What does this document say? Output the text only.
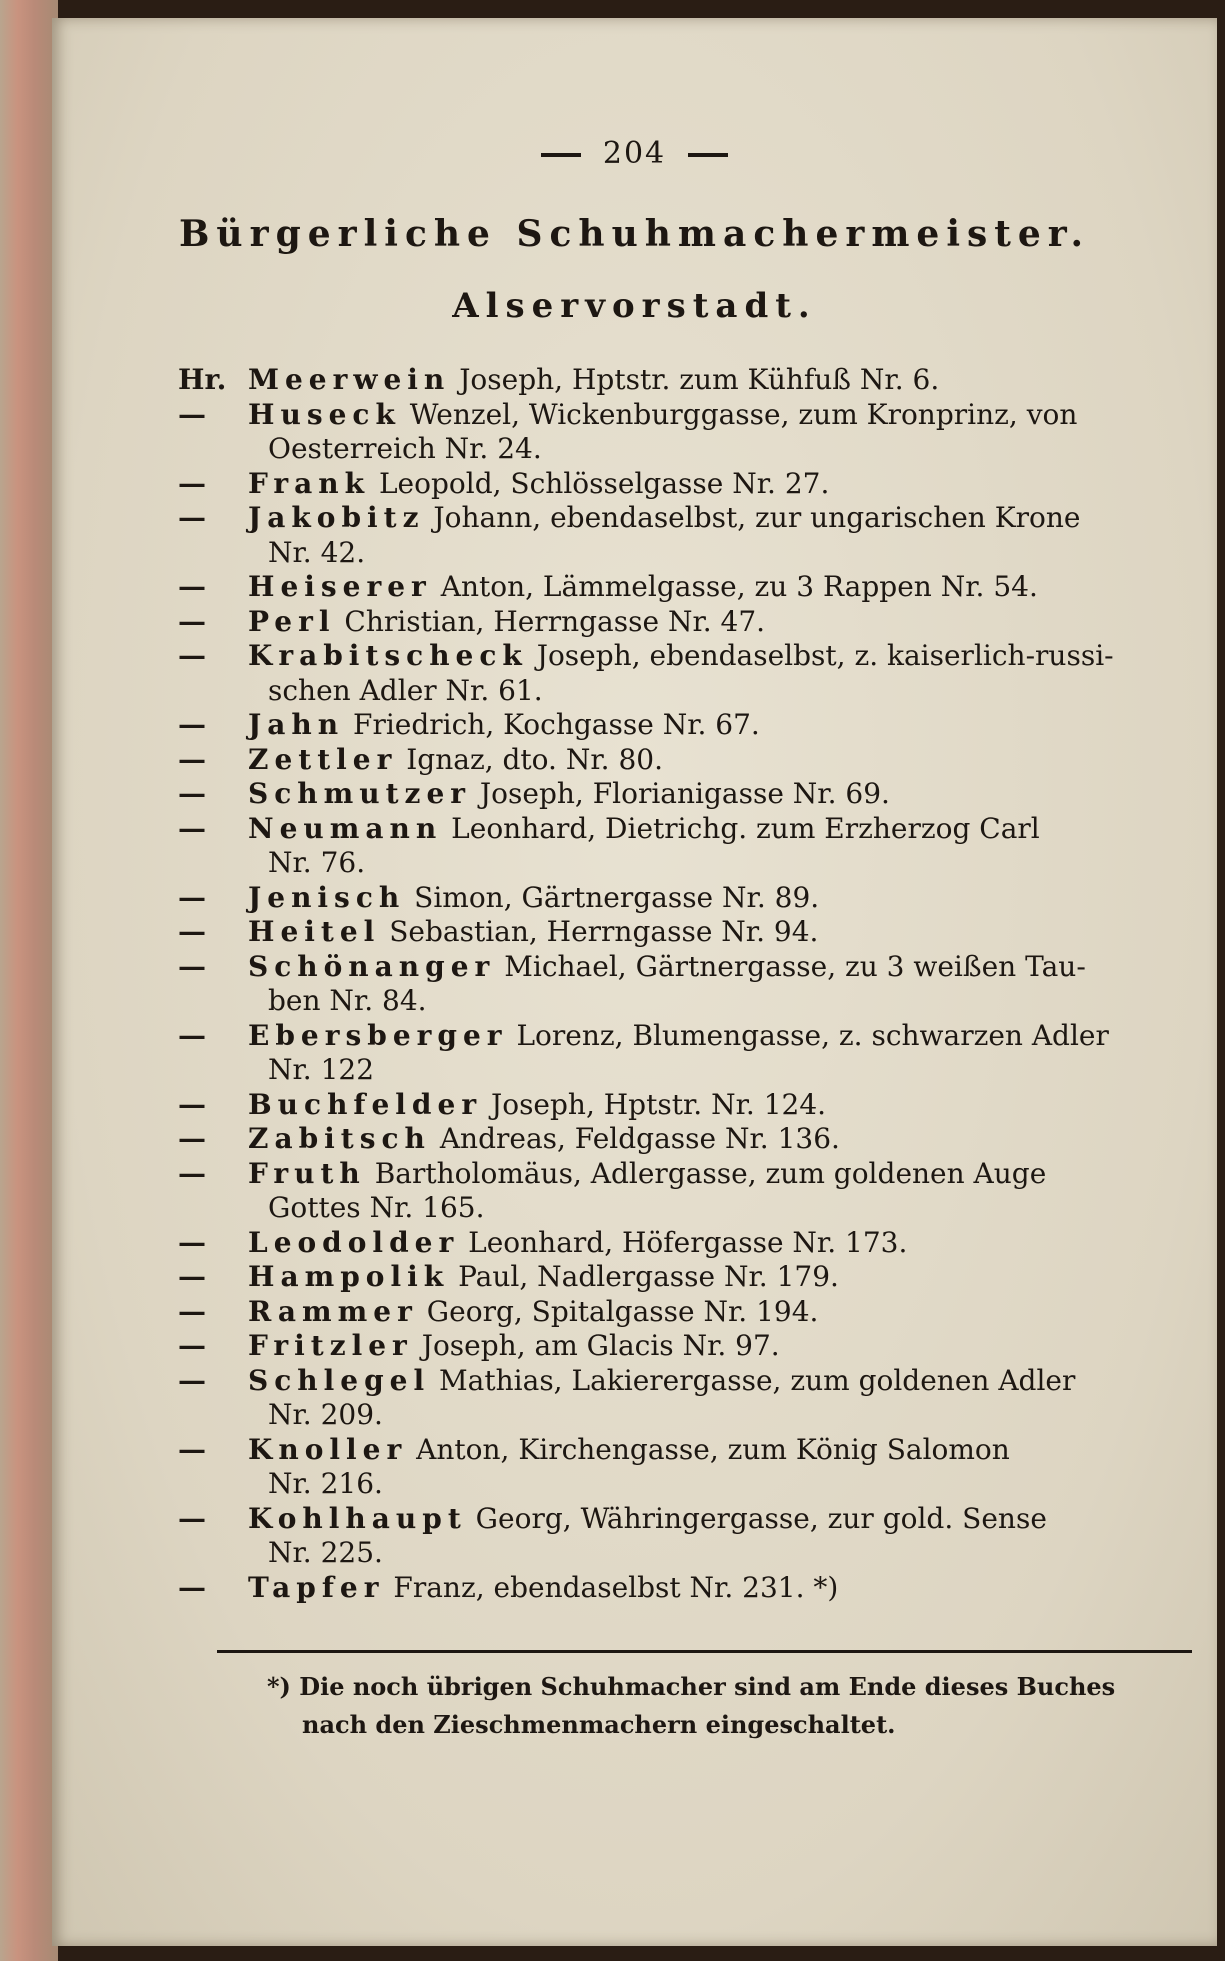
204
Bürgerliche Schuhmachermeister.
Alservorstadt.
Hr. Meerwein Joseph, Hptstr. zum Kühfuß Nr. 6.
— Huseck Wenzel, Wickenburggasse, zum Kronprinz, von
Oesterreich Nr. 24.
— Frank Leopold, Schlösselgasse Nr. 27.
— Jakobitz Johann, ebendaselbst, zur ungarischen Krone
Nr. 42.
— Heiserer Anton, Lämmelgasse, zu 3 Rappen Nr. 54.
— Perl Christian, Herrngasse Nr. 47.
— Krabitscheck Joseph, ebendaselbst, z. kaiserlich-russi-
schen Adler Nr. 61.
— Jahn Friedrich, Kochgasse Nr. 67.
— Zettler Ignaz, dto. Nr. 80.
— Schmutzer Joseph, Florianigasse Nr. 69.
— Neumann Leonhard, Dietrichg. zum Erzherzog Carl
Nr. 76.
— Jenisch Simon, Gärtnergasse Nr. 89.
— Heitel Sebastian, Herrngasse Nr. 94.
— Schönanger Michael, Gärtnergasse, zu 3 weißen Tau-
ben Nr. 84.
— Ebersberger Lorenz, Blumengasse, z. schwarzen Adler
Nr. 122
— Buchfelder Joseph, Hptstr. Nr. 124.
— Zabitsch Andreas, Feldgasse Nr. 136.
— Fruth Bartholomäus, Adlergasse, zum goldenen Auge
Gottes Nr. 165.
— Leodolder Leonhard, Höfergasse Nr. 173.
— Hampolik Paul, Nadlergasse Nr. 179.
— Rammer Georg, Spitalgasse Nr. 194.
— Fritzler Joseph, am Glacis Nr. 97.
— Schlegel Mathias, Lakierergasse, zum goldenen Adler
Nr. 209.
— Knoller Anton, Kirchengasse, zum König Salomon
Nr. 216.
— Kohlhaupt Georg, Währingergasse, zur gold. Sense
Nr. 225.
— Tapfer Franz, ebendaselbst Nr. 231. *)
*) Die noch übrigen Schuhmacher sind am Ende dieses Buches
nach den Zieschmenmachern eingeschaltet.
